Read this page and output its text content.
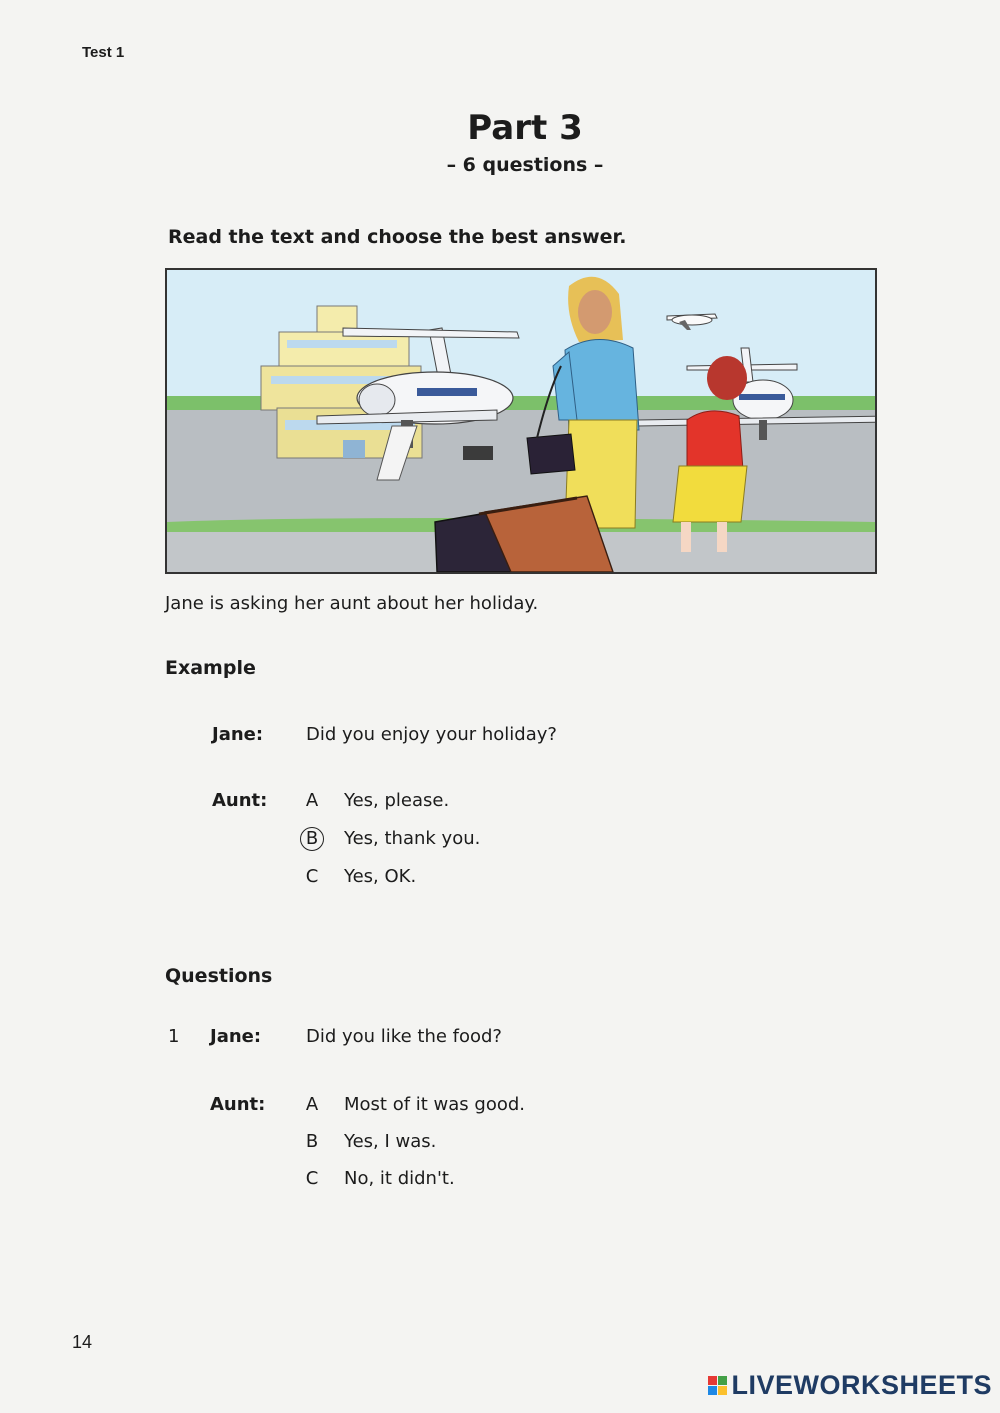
Test 1
Part 3
– 6 questions –
Read the text and choose the best answer.
Jane is asking her aunt about her holiday.
Example
Jane: Did you enjoy your holiday?
Aunt:	A	Yes, please.
B	Yes, thank you.
C	Yes, OK.
Questions
1 Jane: Did you like the food?
Aunt:	A	Most of it was good.
B	Yes, I was.
C	No, it didn't.
14
LIVEWORKSHEETS
